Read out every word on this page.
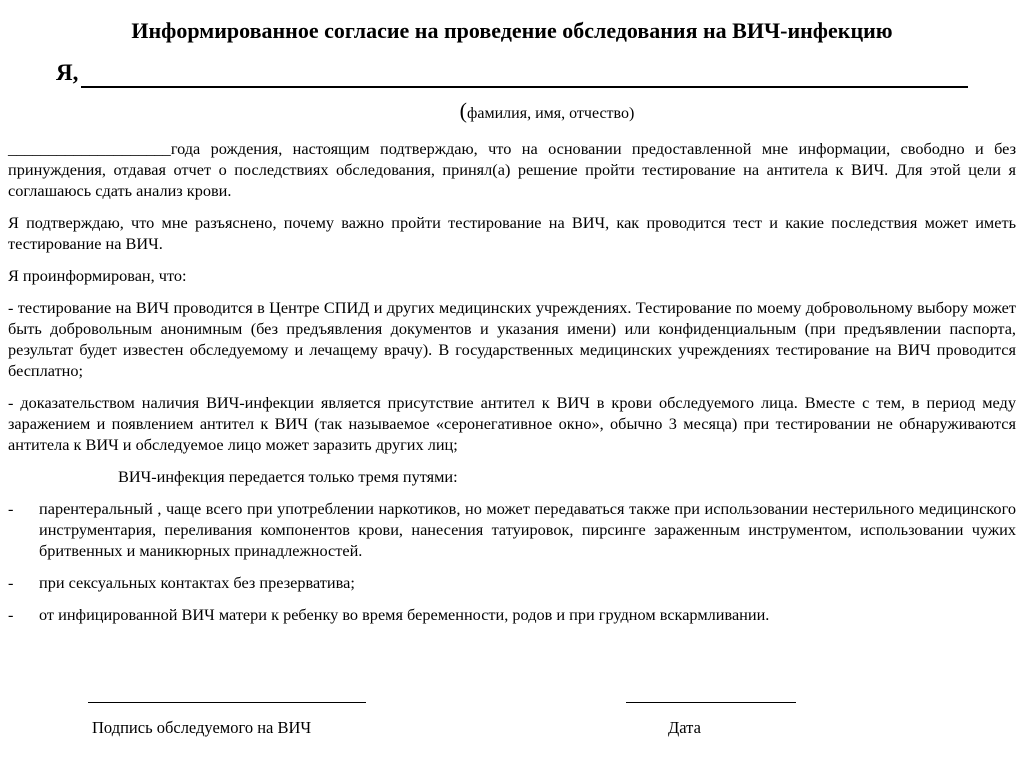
Информированное согласие на проведение обследования на ВИЧ-инфекцию
Я,
(фамилия, имя, отчество)

____________________года рождения, настоящим подтверждаю, что на основании предоставленной мне информации, свободно и без принуждения, отдавая отчет о последствиях обследования, принял(а) решение пройти тестирование на антитела к ВИЧ. Для этой цели я соглашаюсь сдать анализ крови.

Я подтверждаю, что мне разъяснено, почему важно пройти тестирование на ВИЧ, как проводится тест и какие последствия может иметь тестирование на ВИЧ.

Я проинформирован, что:

- тестирование на ВИЧ проводится в Центре СПИД и других медицинских учреждениях. Тестирование по моему добровольному выбору может быть добровольным анонимным (без предъявления документов и указания имени) или конфиденциальным (при предъявлении паспорта, результат будет известен обследуемому и лечащему врачу). В государственных медицинских учреждениях тестирование на ВИЧ проводится бесплатно;

- доказательством наличия ВИЧ-инфекции является присутствие антител к ВИЧ в крови обследуемого лица. Вместе с тем, в период меду заражением и появлением антител к ВИЧ (так называемое «серонегативное окно», обычно 3 месяца) при тестировании не обнаруживаются антитела к ВИЧ и обследуемое лицо может заразить других лиц;

ВИЧ-инфекция передается только тремя путями:

-	парентеральный , чаще всего при употреблении наркотиков, но может передаваться также при использовании нестерильного медицинского инструментария, переливания компонентов крови, нанесения татуировок, пирсинге зараженным инструментом, использовании чужих бритвенных и маникюрных принадлежностей.
-	при сексуальных контактах без презерватива;
-	от инфицированной ВИЧ матери к ребенку во время беременности, родов и при грудном вскармливании.
Подпись обследуемого на ВИЧ	Дата
